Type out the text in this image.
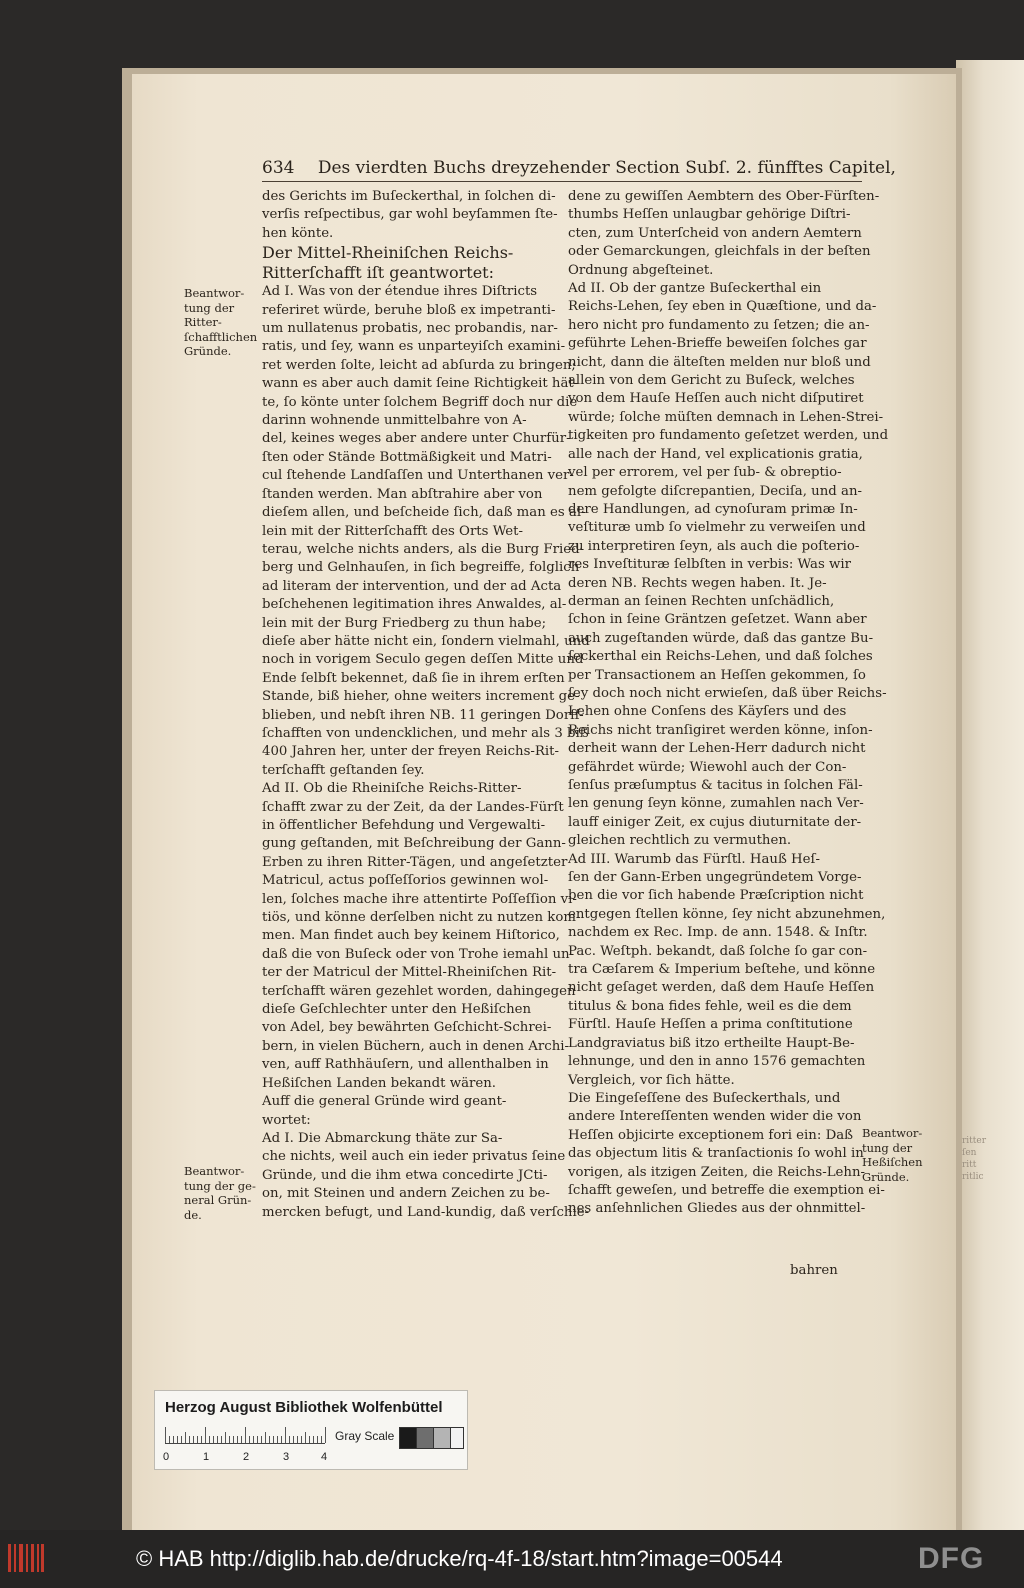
634 Des vierdten Buchs dreyzehender Section Subſ. 2. fünfftes Capitel,

des Gerichts im Buſeckerthal, in ſolchen di-

verſis reſpectibus, gar wohl beyſammen ſte-

hen könte.

Der Mittel-Rheiniſchen Reichs-

Ritterſchafft iſt geantwortet:

Ad I. Was von der étendue ihres Diſtricts

referiret würde, beruhe bloß ex impetranti-

um nullatenus probatis, nec probandis, nar-

ratis, und ſey, wann es unparteyiſch examini-

ret werden ſolte, leicht ad abſurda zu bringen;

wann es aber auch damit ſeine Richtigkeit hät-

te, ſo könte unter ſolchem Begriff doch nur die

darinn wohnende unmittelbahre von A-

del, keines weges aber andere unter Churfür-

ſten oder Stände Bottmäßigkeit und Matri-

cul ſtehende Landſaſſen und Unterthanen ver-

ſtanden werden. Man abſtrahire aber von

dieſem allen, und beſcheide ſich, daß man es al-

lein mit der Ritterſchafft des Orts Wet-

terau, welche nichts anders, als die Burg Fried-

berg und Gelnhauſen, in ſich begreiffe, folglich

ad literam der intervention, und der ad Acta

beſchehenen legitimation ihres Anwaldes, al-

lein mit der Burg Friedberg zu thun habe;

dieſe aber hätte nicht ein, ſondern vielmahl, und

noch in vorigem Seculo gegen deſſen Mitte und

Ende ſelbſt bekennet, daß ſie in ihrem erſten

Stande, biß hieher, ohne weiters increment ge-

blieben, und nebſt ihren NB. 11 geringen Dorff-

ſchafften von undencklichen, und mehr als 3 biß

400 Jahren her, unter der freyen Reichs-Rit-

terſchafft geſtanden ſey.

Ad II. Ob die Rheiniſche Reichs-Ritter-

ſchafft zwar zu der Zeit, da der Landes-Fürſt

in öffentlicher Befehdung und Vergewalti-

gung geſtanden, mit Beſchreibung der Gann-

Erben zu ihren Ritter-Tägen, und angeſetzter

Matricul, actus poſſeſſorios gewinnen wol-

len, ſolches mache ihre attentirte Poſſeſſion vi-

tiös, und könne derſelben nicht zu nutzen kom-

men. Man findet auch bey keinem Hiſtorico,

daß die von Buſeck oder von Trohe iemahl un-

ter der Matricul der Mittel-Rheiniſchen Rit-

terſchafft wären gezehlet worden, dahingegen

dieſe Geſchlechter unter den Heßiſchen

von Adel, bey bewährten Geſchicht-Schrei-

bern, in vielen Büchern, auch in denen Archi-

ven, auff Rathhäuſern, und allenthalben in

Heßiſchen Landen bekandt wären.

Auff die general Gründe wird geant-

wortet:

Ad I. Die Abmarckung thäte zur Sa-

che nichts, weil auch ein ieder privatus ſeine

Gründe, und die ihm etwa concedirte JCti-

on, mit Steinen und andern Zeichen zu be-

mercken befugt, und Land-kundig, daß verſchie-

dene zu gewiſſen Aembtern des Ober-Fürſten-

thumbs Heſſen unlaugbar gehörige Diſtri-

cten, zum Unterſcheid von andern Aemtern

oder Gemarckungen, gleichfals in der beſten

Ordnung abgeſteinet.

Ad II. Ob der gantze Buſeckerthal ein

Reichs-Lehen, ſey eben in Quæſtione, und da-

hero nicht pro fundamento zu ſetzen; die an-

geführte Lehen-Brieffe beweiſen ſolches gar

nicht, dann die älteſten melden nur bloß und

allein von dem Gericht zu Buſeck, welches

von dem Hauſe Heſſen auch nicht diſputiret

würde; ſolche müſten demnach in Lehen-Strei-

tigkeiten pro fundamento geſetzet werden, und

alle nach der Hand, vel explicationis gratia,

vel per errorem, vel per ſub- & obreptio-

nem gefolgte diſcrepantien, Deciſa, und an-

dere Handlungen, ad cynoſuram primæ In-

veſtituræ umb ſo vielmehr zu verweiſen und

zu interpretiren ſeyn, als auch die poſterio-

res Inveſtituræ ſelbſten in verbis: Was wir

deren NB. Rechts wegen haben. It. Je-

derman an ſeinen Rechten unſchädlich,

ſchon in ſeine Gräntzen geſetzet. Wann aber

auch zugeſtanden würde, daß das gantze Bu-

ſeckerthal ein Reichs-Lehen, und daß ſolches

per Transactionem an Heſſen gekommen, ſo

ſey doch noch nicht erwieſen, daß über Reichs-

Lehen ohne Conſens des Käyſers und des

Reichs nicht tranſigiret werden könne, inſon-

derheit wann der Lehen-Herr dadurch nicht

gefährdet würde; Wiewohl auch der Con-

ſenſus præſumptus & tacitus in ſolchen Fäl-

len genung ſeyn könne, zumahlen nach Ver-

lauff einiger Zeit, ex cujus diuturnitate der-

gleichen rechtlich zu vermuthen.

Ad III. Warumb das Fürſtl. Hauß Heſ-

ſen der Gann-Erben ungegründetem Vorge-

ben die vor ſich habende Præſcription nicht

entgegen ſtellen könne, ſey nicht abzunehmen,

nachdem ex Rec. Imp. de ann. 1548. & Inſtr.

Pac. Weſtph. bekandt, daß ſolche ſo gar con-

tra Cæſarem & Imperium beſtehe, und könne

nicht geſaget werden, daß dem Hauſe Heſſen

titulus & bona fides fehle, weil es die dem

Fürſtl. Hauſe Heſſen a prima conſtitutione

Landgraviatus biß itzo ertheilte Haupt-Be-

lehnunge, und den in anno 1576 gemachten

Vergleich, vor ſich hätte.

Die Eingeſeſſene des Buſeckerthals, und

andere Intereſſenten wenden wider die von

Heſſen objicirte exceptionem fori ein: Daß

das objectum litis & tranſactionis ſo wohl in

vorigen, als itzigen Zeiten, die Reichs-Lehn-

ſchafft geweſen, und betreffe die exemption ei-

nes anſehnlichen Gliedes aus der ohnmittel-

Beantwor-

tung der

Ritter-

ſchafftlichen

Gründe.

Beantwor-

tung der ge-

neral Grün-

de.

Beantwor-

tung der

Heßiſchen

Gründe.

ritter

ſen

ritt

ritlic

bahren
Herzog August Bibliothek Wolfenbüttel
0	1	2	3	4
Gray Scale
© HAB http://diglib.hab.de/drucke/rq-4f-18/start.htm?image=00544	DFG
